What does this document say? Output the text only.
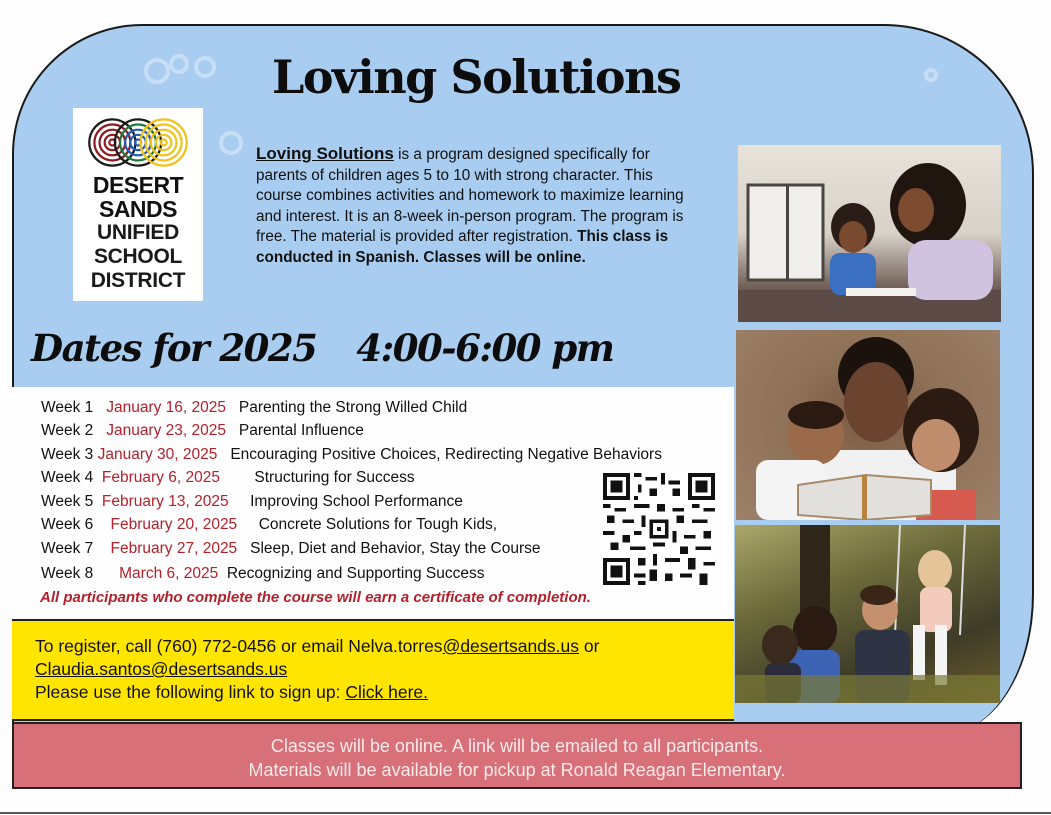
Loving Solutions
DESERT
SANDS
UNIFIED
SCHOOL
DISTRICT

Loving Solutions is a program designed specifically for parents of children ages 5 to 10 with strong character. This course combines activities and homework to maximize learning and interest. It is an 8-week in-person program. The program is free. The material is provided after registration. This class is conducted in Spanish. Classes will be online.

Dates for 2025 4:00-6:00 pm
Week 1 January 16, 2025 Parenting the Strong Willed Child
Week 2 January 23, 2025 Parental Influence
Week 3 January 30, 2025 Encouraging Positive Choices, Redirecting Negative Behaviors
Week 4 February 6, 2025 Structuring for Success
Week 5 February 13, 2025 Improving School Performance
Week 6 February 20, 2025 Concrete Solutions for Tough Kids,
Week 7 February 27, 2025 Sleep, Diet and Behavior, Stay the Course
Week 8 March 6, 2025 Recognizing and Supporting Success
All participants who complete the course will earn a certificate of completion.
To register, call (760) 772-0456 or email Nelva.torres@desertsands.us or
Claudia.santos@desertsands.us
Please use the following link to sign up: Click here.
Classes will be online. A link will be emailed to all participants.
Materials will be available for pickup at Ronald Reagan Elementary.
